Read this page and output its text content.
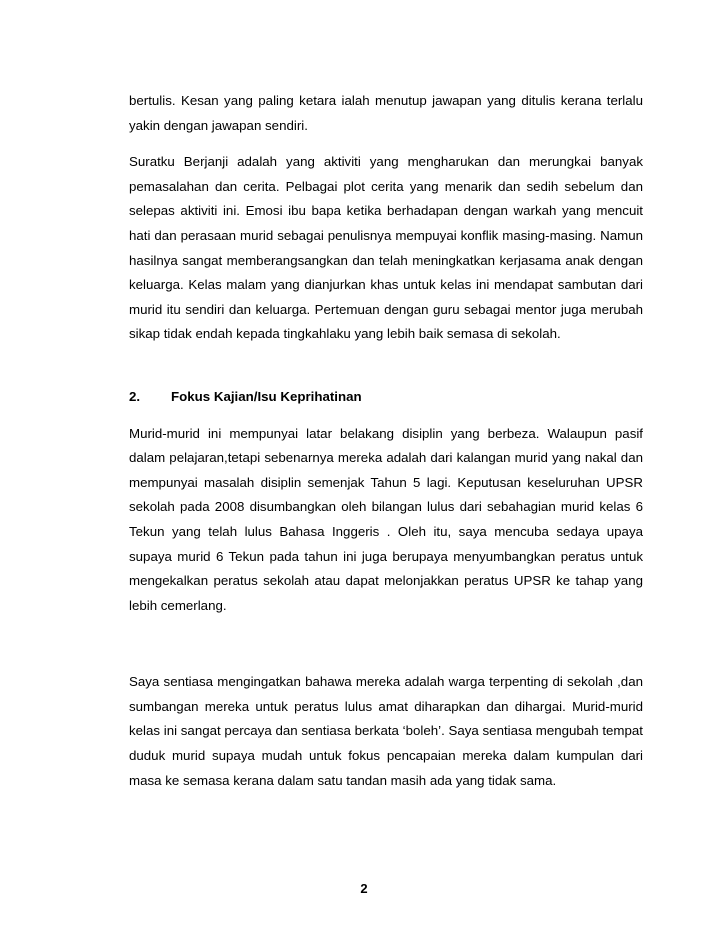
bertulis. Kesan yang paling ketara ialah menutup jawapan yang ditulis kerana terlalu yakin dengan jawapan sendiri.

Suratku Berjanji adalah yang aktiviti yang mengharukan dan merungkai banyak pemasalahan dan cerita. Pelbagai plot cerita yang menarik dan sedih sebelum dan selepas aktiviti ini. Emosi ibu bapa ketika berhadapan dengan warkah yang mencuit hati dan perasaan murid sebagai penulisnya mempuyai konflik masing-masing. Namun hasilnya sangat memberangsangkan dan telah meningkatkan kerjasama anak dengan keluarga. Kelas malam yang dianjurkan khas untuk kelas ini mendapat sambutan dari murid itu sendiri dan keluarga. Pertemuan dengan guru sebagai mentor juga merubah sikap tidak endah kepada tingkahlaku yang lebih baik semasa di sekolah.

2.	Fokus Kajian/Isu Keprihatinan

Murid-murid ini mempunyai latar belakang disiplin yang berbeza. Walaupun pasif dalam pelajaran,tetapi sebenarnya mereka adalah dari kalangan murid yang nakal dan mempunyai masalah disiplin semenjak Tahun 5 lagi. Keputusan keseluruhan UPSR sekolah pada 2008 disumbangkan oleh bilangan lulus dari sebahagian murid kelas 6 Tekun yang telah lulus Bahasa Inggeris . Oleh itu, saya mencuba sedaya upaya supaya murid 6 Tekun pada tahun ini juga berupaya menyumbangkan peratus untuk mengekalkan peratus sekolah atau dapat melonjakkan peratus UPSR ke tahap yang lebih cemerlang.

Saya sentiasa mengingatkan bahawa mereka adalah warga terpenting di sekolah ,dan sumbangan mereka untuk peratus lulus amat diharapkan dan dihargai. Murid-murid kelas ini sangat percaya dan sentiasa berkata ‘boleh’. Saya sentiasa mengubah tempat duduk murid supaya mudah untuk fokus pencapaian mereka dalam kumpulan dari masa ke semasa kerana dalam satu tandan masih ada yang tidak sama.

2
